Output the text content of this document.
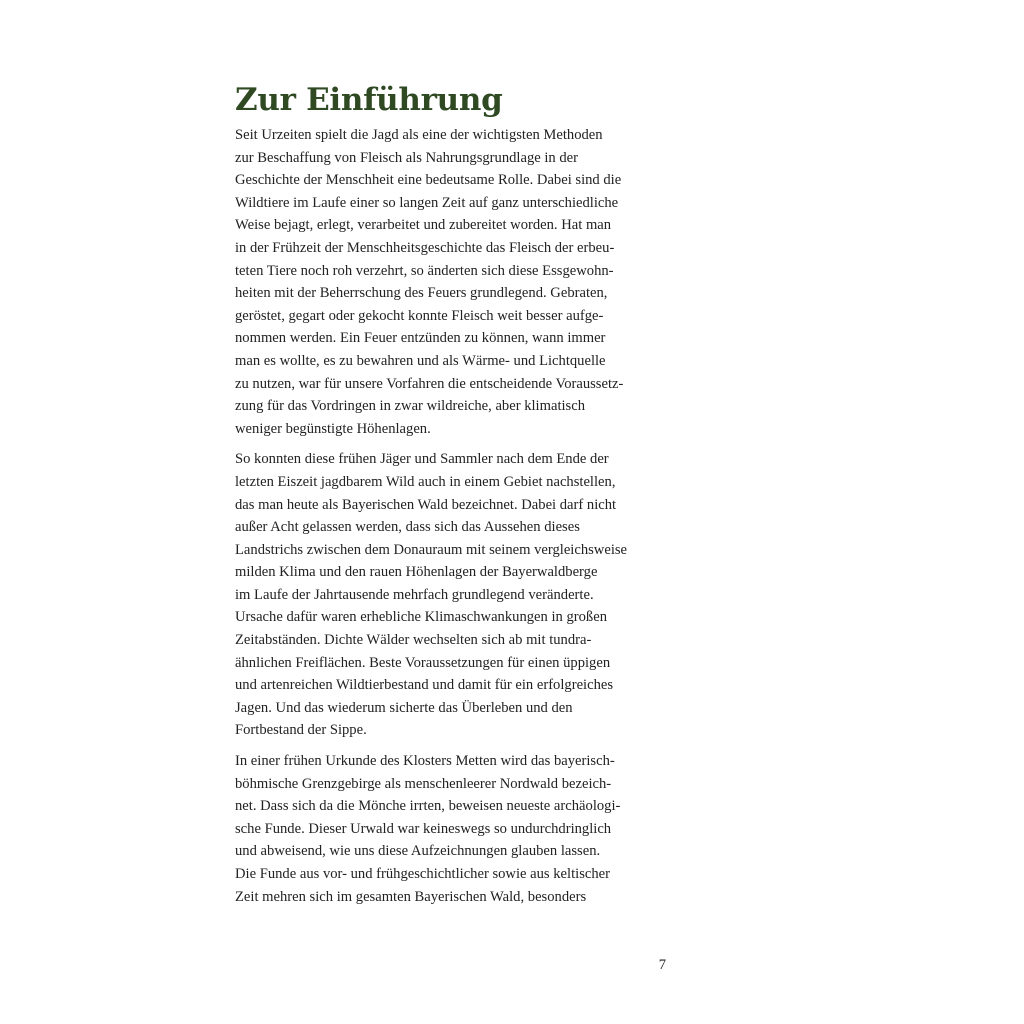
Zur Einführung

Seit Urzeiten spielt die Jagd als eine der wichtigsten Methoden
zur Beschaffung von Fleisch als Nahrungsgrundlage in der
Geschichte der Menschheit eine bedeutsame Rolle. Dabei sind die
Wildtiere im Laufe einer so langen Zeit auf ganz unterschiedliche
Weise bejagt, erlegt, verarbeitet und zubereitet worden. Hat man
in der Frühzeit der Menschheitsgeschichte das Fleisch der erbeu-
teten Tiere noch roh verzehrt, so änderten sich diese Essgewohn-
heiten mit der Beherrschung des Feuers grundlegend. Gebraten,
geröstet, gegart oder gekocht konnte Fleisch weit besser aufge-
nommen werden. Ein Feuer entzünden zu können, wann immer
man es wollte, es zu bewahren und als Wärme- und Lichtquelle
zu nutzen, war für unsere Vorfahren die entscheidende Voraussetz-
zung für das Vordringen in zwar wildreiche, aber klimatisch
weniger begünstigte Höhenlagen.

So konnten diese frühen Jäger und Sammler nach dem Ende der
letzten Eiszeit jagdbarem Wild auch in einem Gebiet nachstellen,
das man heute als Bayerischen Wald bezeichnet. Dabei darf nicht
außer Acht gelassen werden, dass sich das Aussehen dieses
Landstrichs zwischen dem Donauraum mit seinem vergleichsweise
milden Klima und den rauen Höhenlagen der Bayerwaldberge
im Laufe der Jahrtausende mehrfach grundlegend veränderte.
Ursache dafür waren erhebliche Klimaschwankungen in großen
Zeitabständen. Dichte Wälder wechselten sich ab mit tundra-
ähnlichen Freiflächen. Beste Voraussetzungen für einen üppigen
und artenreichen Wildtierbestand und damit für ein erfolgreiches
Jagen. Und das wiederum sicherte das Überleben und den
Fortbestand der Sippe.

In einer frühen Urkunde des Klosters Metten wird das bayerisch-
böhmische Grenzgebirge als menschenleerer Nordwald bezeich-
net. Dass sich da die Mönche irrten, beweisen neueste archäologi-
sche Funde. Dieser Urwald war keineswegs so undurchdringlich
und abweisend, wie uns diese Aufzeichnungen glauben lassen.
Die Funde aus vor- und frühgeschichtlicher sowie aus keltischer
Zeit mehren sich im gesamten Bayerischen Wald, besonders

7
